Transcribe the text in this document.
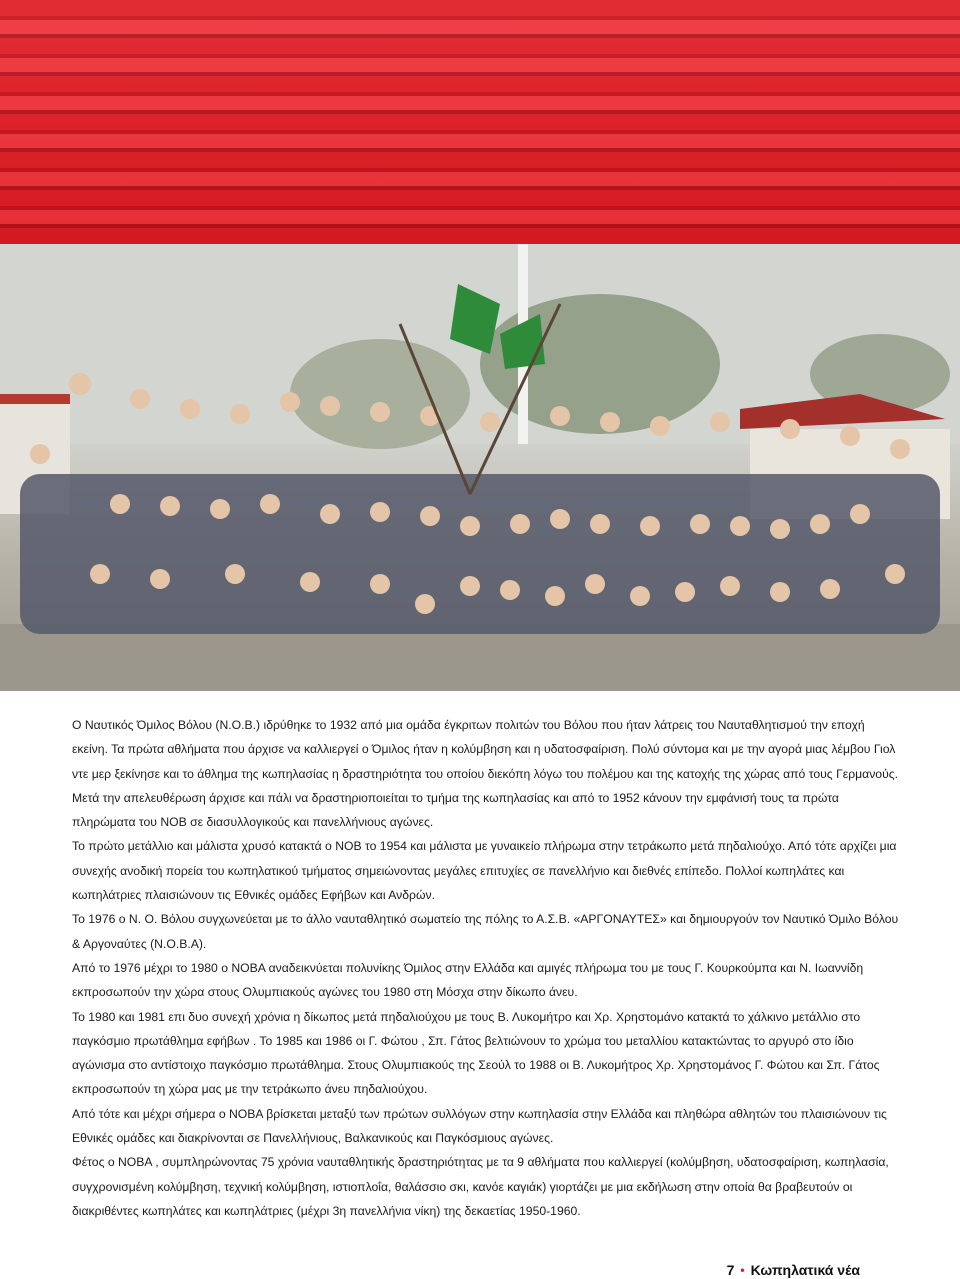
Ο Ναυτικός Όμιλος Βόλου (Ν.Ο.Β.) ιδρύθηκε το 1932 από μια ομάδα έγκριτων πολιτών του Βόλου που ήταν λάτρεις του Ναυταθλητισμού την εποχή εκείνη. Τα πρώτα αθλήματα που άρχισε να καλλιεργεί ο Όμιλος ήταν η κολύμβηση και η υδατοσφαίριση. Πολύ σύντομα και με την αγορά μιας λέμβου Γιολ ντε μερ ξεκίνησε και το άθλημα της κωπηλασίας η δραστηριότητα του οποίου διεκόπη λόγω του πολέμου και της κατοχής της χώρας από τους Γερμανούς.

Μετά την απελευθέρωση άρχισε και πάλι να δραστηριοποιείται το τμήμα της κωπηλασίας και από το 1952 κάνουν την εμφάνισή τους τα πρώτα πληρώματα του ΝΟΒ σε διασυλλογικούς και πανελλήνιους αγώνες.

Το πρώτο μετάλλιο και μάλιστα χρυσό κατακτά ο ΝΟΒ το 1954 και μάλιστα με γυναικείο πλήρωμα στην τετράκωπο μετά πηδαλιούχο. Από τότε αρχίζει μια συνεχής ανοδική πορεία του κωπηλατικού τμήματος σημειώνοντας μεγάλες επιτυχίες σε πανελλήνιο και διεθνές επίπεδο. Πολλοί κωπηλάτες και κωπηλάτριες πλαισιώνουν τις Εθνικές ομάδες Εφήβων και Ανδρών.

Το 1976 ο Ν. Ο. Βόλου συγχωνεύεται με το άλλο ναυταθλητικό σωματείο της πόλης το Α.Σ.Β. «ΑΡΓΟΝΑΥΤΕΣ» και δημιουργούν τον Ναυτικό Όμιλο Βόλου & Αργοναύτες (Ν.Ο.Β.Α).

Από το 1976 μέχρι το 1980 ο ΝΟΒΑ αναδεικνύεται πολυνίκης Όμιλος στην Ελλάδα και αμιγές πλήρωμα του με τους Γ. Κουρκούμπα και Ν. Ιωαννίδη εκπροσωπούν την χώρα στους Ολυμπιακούς αγώνες του 1980 στη Μόσχα στην δίκωπο άνευ.

Το 1980 και 1981 επι δυο συνεχή χρόνια η δίκωπος μετά πηδαλιούχου με τους Β. Λυκομήτρο και Χρ. Χρηστομάνο κατακτά το χάλκινο μετάλλιο στο παγκόσμιο πρωτάθλημα εφήβων . Το 1985 και 1986 οι Γ. Φώτου , Σπ. Γάτος βελτιώνουν το χρώμα του μεταλλίου κατακτώντας το αργυρό στο ίδιο αγώνισμα στο αντίστοιχο παγκόσμιο πρωτάθλημα. Στους Ολυμπιακούς της Σεούλ το 1988 οι Β. Λυκομήτρος Χρ. Χρηστομάνος Γ. Φώτου και Σπ. Γάτος εκπροσωπούν τη χώρα μας με την τετράκωπο άνευ πηδαλιούχου.

Από τότε και μέχρι σήμερα ο ΝΟΒΑ βρίσκεται μεταξύ των πρώτων συλλόγων στην κωπηλασία στην Ελλάδα και πληθώρα αθλητών του πλαισιώνουν τις Εθνικές ομάδες και διακρίνονται σε Πανελλήνιους, Βαλκανικούς και Παγκόσμιους αγώνες.

Φέτος ο ΝΟΒΑ , συμπληρώνοντας 75 χρόνια ναυταθλητικής δραστηριότητας με τα 9 αθλήματα που καλλιεργεί (κολύμβηση, υδατοσφαίριση, κωπηλασία, συγχρονισμένη κολύμβηση, τεχνική κολύμβηση, ιστιοπλοΐα, θαλάσσιο σκι, κανόε καγιάκ) γιορτάζει με μια εκδήλωση στην οποία θα βραβευτούν οι διακριθέντες κωπηλάτες και κωπηλάτριες (μέχρι 3η πανελλήνια νίκη) της δεκαετίας 1950-1960.

7 • Κωπηλατικά νέα
